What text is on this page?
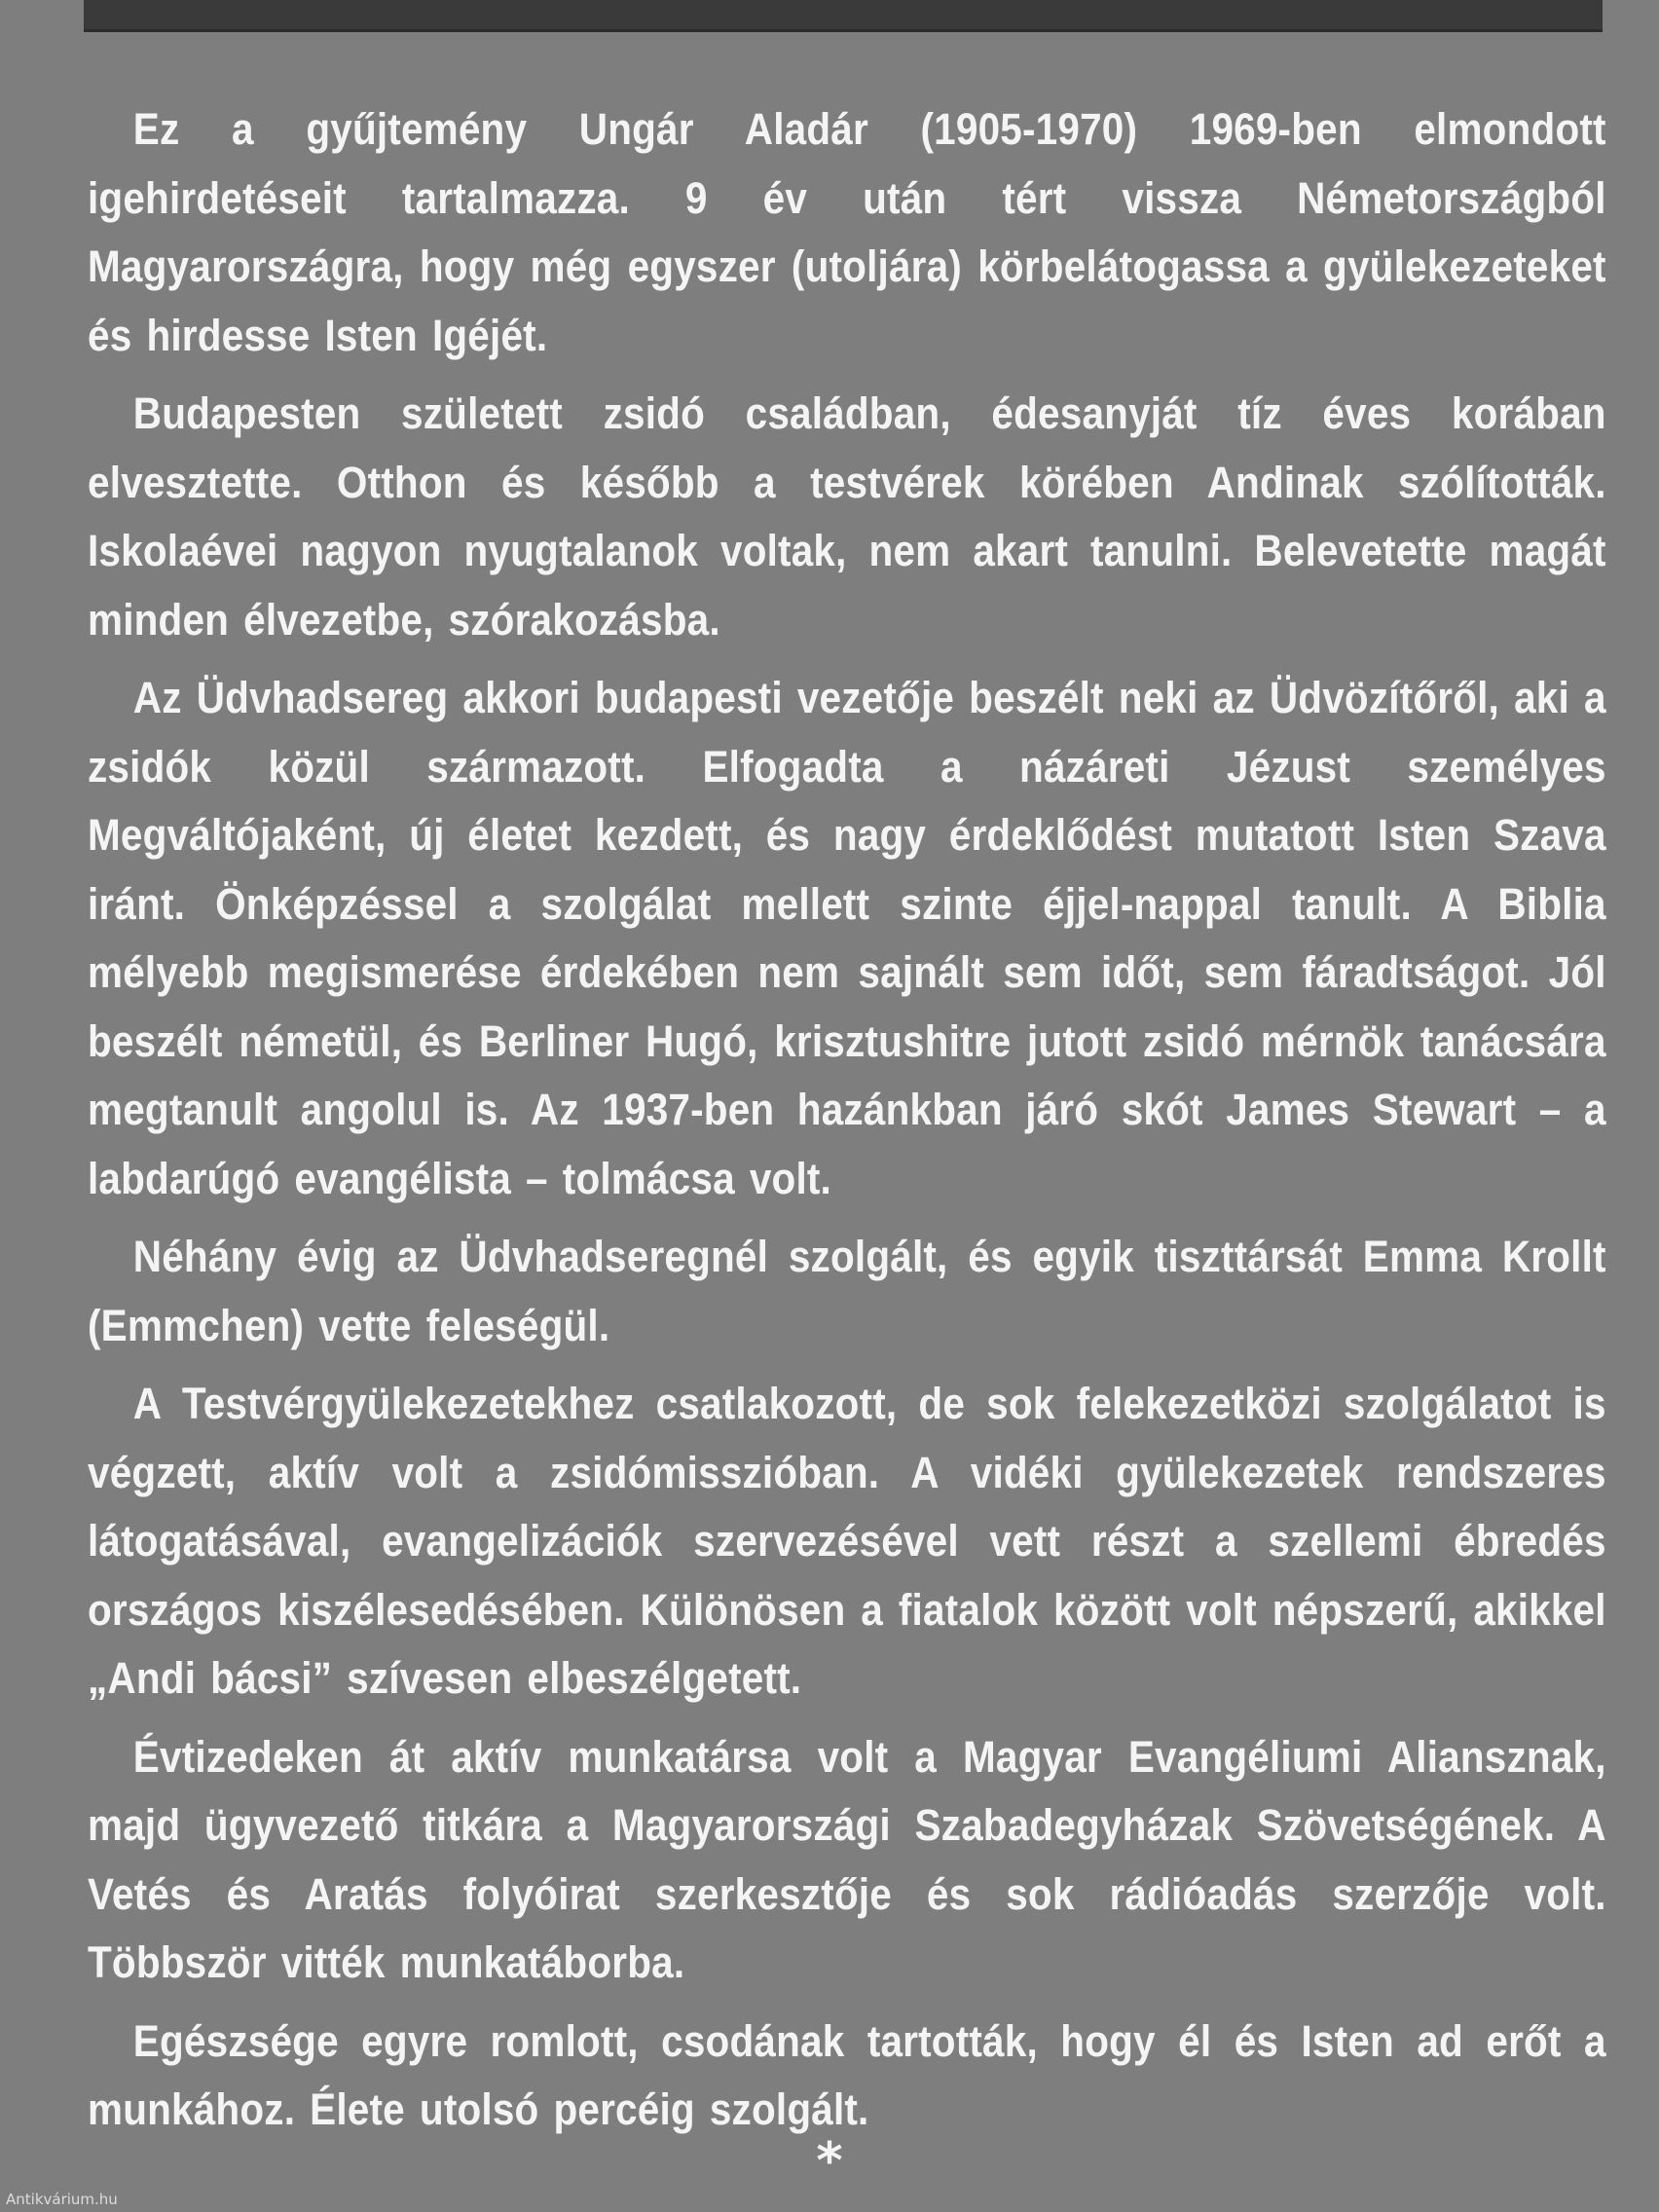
Ez a gyűjtemény Ungár Aladár (1905-1970) 1969-ben elmondott igehirdetéseit tartalmazza. 9 év után tért vissza Németországból Magyarországra, hogy még egyszer (utoljára) körbelátogassa a gyülekezeteket és hirdesse Isten Igéjét.

Budapesten született zsidó családban, édesanyját tíz éves korában elvesztette. Otthon és később a testvérek körében Andinak szólították. Iskolaévei nagyon nyugtalanok voltak, nem akart tanulni. Belevetette magát minden élvezetbe, szórakozásba.

Az Üdvhadsereg akkori budapesti vezetője beszélt neki az Üdvözítőről, aki a zsidók közül származott. Elfogadta a názáreti Jézust személyes Megváltójaként, új életet kezdett, és nagy érdeklődést mutatott Isten Szava iránt. Önképzéssel a szolgálat mellett szinte éjjel-nappal tanult. A Biblia mélyebb megismerése érdekében nem sajnált sem időt, sem fáradtságot. Jól beszélt németül, és Berliner Hugó, krisztushitre jutott zsidó mérnök tanácsára megtanult angolul is. Az 1937-ben hazánkban járó skót James Stewart – a labdarúgó evangélista – tolmácsa volt.

Néhány évig az Üdvhadseregnél szolgált, és egyik tiszttársát Emma Krollt (Emmchen) vette feleségül.

A Testvérgyülekezetekhez csatlakozott, de sok felekezetközi szolgálatot is végzett, aktív volt a zsidómisszióban. A vidéki gyülekezetek rendszeres látogatásával, evangelizációk szervezésével vett részt a szellemi ébredés országos kiszélesedésében. Különösen a fiatalok között volt népszerű, akikkel „Andi bácsi” szívesen elbeszélgetett.

Évtizedeken át aktív munkatársa volt a Magyar Evangéliumi Aliansznak, majd ügyvezető titkára a Magyarországi Szabadegyházak Szövetségének. A Vetés és Aratás folyóirat szerkesztője és sok rádióadás szerzője volt. Többször vitték munkatáborba.

Egészsége egyre romlott, csodának tartották, hogy él és Isten ad erőt a munkához. Élete utolsó percéig szolgált.

*
Antikvárium.hu
